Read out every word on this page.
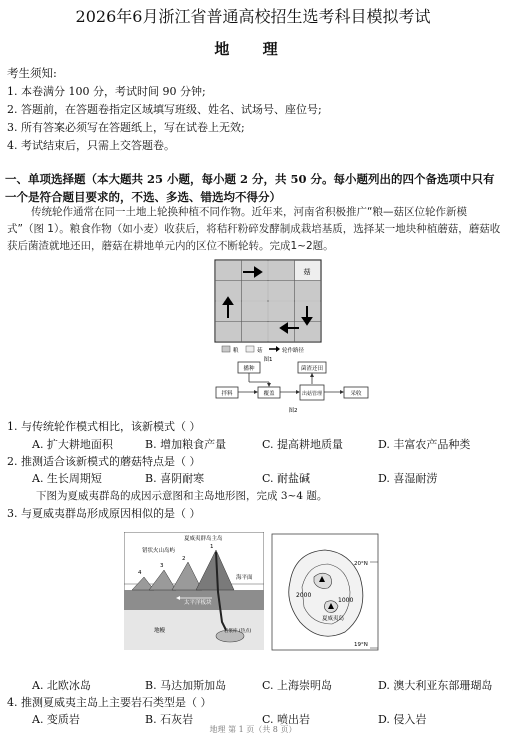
2026年6月浙江省普通高校招生选考科目模拟考试
地 理
考生须知:
1. 本卷满分 100 分，考试时间 90 分钟;
2. 答题前，在答题卷指定区域填写班级、姓名、试场号、座位号;
3. 所有答案必须写在答题纸上，写在试卷上无效;
4. 考试结束后，只需上交答题卷。
一、单项选择题（本大题共 25 小题，每小题 2 分，共 50 分。每小题列出的四个备选项中只有一个是符合题目要求的，不选、多选、错选均不得分）
传统轮作通常在同一土地上轮换种植不同作物。近年来，河南省积极推广“粮—菇区位轮作新模式”（图 1）。粮食作物（如小麦）收获后，将秸秆粉碎发酵制成栽培基质，选择某一地块种植蘑菇，蘑菇收获后菌渣就地还田，蘑菇在耕地单元内的区位不断轮转。完成1~2题。
菇
粮	菇	轮作路径
图1
播种	菌渣还田
拌料	覆盖	出菇管理	采收
图2
1. 与传统轮作模式相比，该新模式（ ）
A. 扩大耕地面积	B. 增加粮食产量	C. 提高耕地质量	D. 丰富农产品种类
2. 推测适合该新模式的蘑菇特点是（ ）
A. 生长周期短	B. 喜阴耐寒	C. 耐盐碱	D. 喜湿耐涝
下图为夏威夷群岛的成因示意图和主岛地形图，完成 3~4 题。
3. 与夏威夷群岛形成原因相似的是（ ）
夏威夷群岛主岛
错状火山岛屿
海平面
太平洋板块
地幔	岩浆库 (热点)
4
3
2
1
20°N
19°N
2000
1000
夏威夷岛
A. 北欧冰岛	B. 马达加斯加岛	C. 上海崇明岛	D. 澳大利亚东部珊瑚岛
4. 推测夏威夷主岛上主要岩石类型是（ ）
A. 变质岩	B. 石灰岩	C. 喷出岩	D. 侵入岩
地理 第 1 页（共 8 页）
